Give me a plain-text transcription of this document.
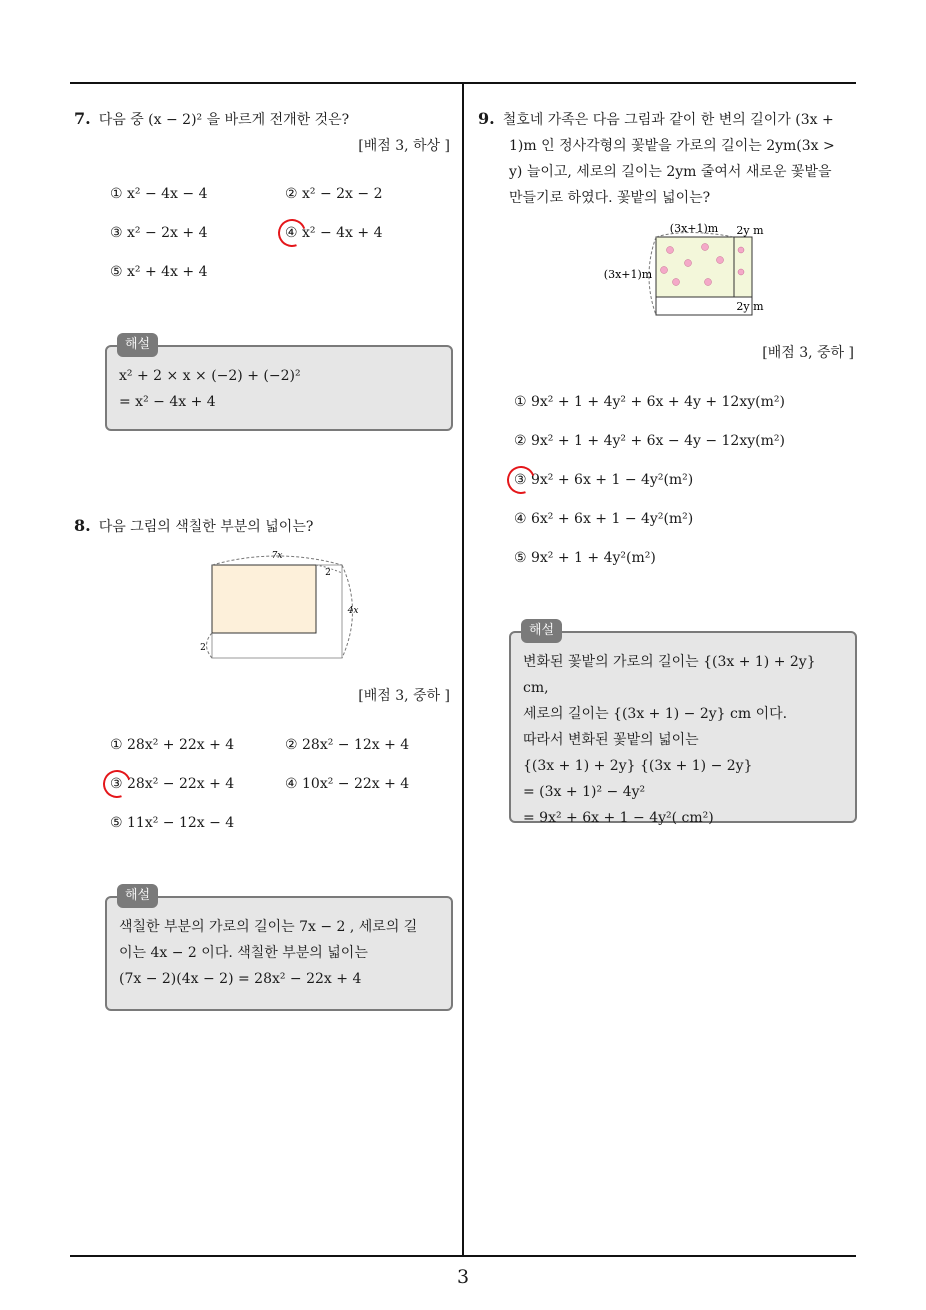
3
7. 다음 중 (x − 2)² 을 바르게 전개한 것은?
[배점 3, 하상 ]
① x² − 4x − 4	② x² − 2x − 2
③ x² − 2x + 4	④ x² − 4x + 4
⑤ x² + 4x + 4
해설
x² + 2 × x × (−2) + (−2)²
= x² − 4x + 4
8. 다음 그림의 색칠한 부분의 넓이는?
7x
2
4x
2
[배점 3, 중하 ]
① 28x² + 22x + 4	② 28x² − 12x + 4
③ 28x² − 22x + 4	④ 10x² − 22x + 4
⑤ 11x² − 12x − 4
해설
색칠한 부분의 가로의 길이는 7x − 2 , 세로의 길
이는 4x − 2 이다. 색칠한 부분의 넓이는
(7x − 2)(4x − 2) = 28x² − 22x + 4
9. 철호네 가족은 다음 그림과 같이 한 변의 길이가 (3x +
1)m 인 정사각형의 꽃밭을 가로의 길이는 2ym(3x >
y) 늘이고, 세로의 길이는 2ym 줄여서 새로운 꽃밭을
만들기로 하였다. 꽃밭의 넓이는?
(3x+1)m 2y m
(3x+1)m
2y m
[배점 3, 중하 ]
① 9x² + 1 + 4y² + 6x + 4y + 12xy(m²)
② 9x² + 1 + 4y² + 6x − 4y − 12xy(m²)
③ 9x² + 6x + 1 − 4y²(m²)
④ 6x² + 6x + 1 − 4y²(m²)
⑤ 9x² + 1 + 4y²(m²)
해설
변화된 꽃밭의 가로의 길이는 {(3x + 1) + 2y} cm,
세로의 길이는 {(3x + 1) − 2y} cm 이다.
따라서 변화된 꽃밭의 넓이는
{(3x + 1) + 2y} {(3x + 1) − 2y}
= (3x + 1)² − 4y²
= 9x² + 6x + 1 − 4y²( cm²)
